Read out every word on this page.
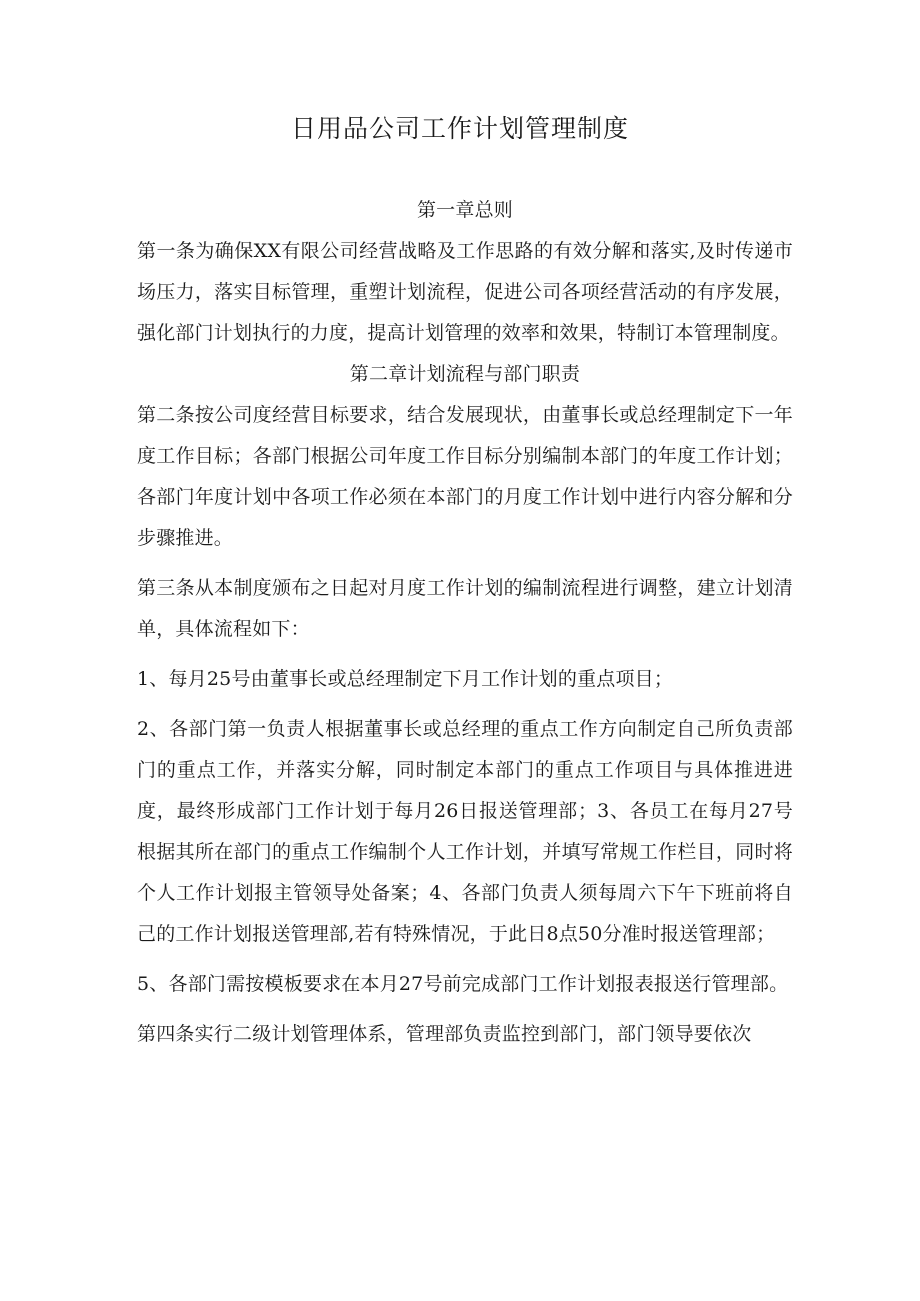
日用品公司工作计划管理制度

第一章总则

第一条为确保XX有限公司经营战略及工作思路的有效分解和落实,及时传递市场压力，落实目标管理，重塑计划流程，促进公司各项经营活动的有序发展，强化部门计划执行的力度，提高计划管理的效率和效果，特制订本管理制度。

第二章计划流程与部门职责

第二条按公司度经营目标要求，结合发展现状，由董事长或总经理制定下一年度工作目标；各部门根据公司年度工作目标分别编制本部门的年度工作计划；各部门年度计划中各项工作必须在本部门的月度工作计划中进行内容分解和分步骤推进。

第三条从本制度颁布之日起对月度工作计划的编制流程进行调整，建立计划清单，具体流程如下：

1、每月25号由董事长或总经理制定下月工作计划的重点项目；

2、各部门第一负责人根据董事长或总经理的重点工作方向制定自己所负责部门的重点工作，并落实分解，同时制定本部门的重点工作项目与具体推进进度，最终形成部门工作计划于每月26日报送管理部；3、各员工在每月27号根据其所在部门的重点工作编制个人工作计划，并填写常规工作栏目，同时将个人工作计划报主管领导处备案；4、各部门负责人须每周六下午下班前将自己的工作计划报送管理部,若有特殊情况，于此日8点50分准时报送管理部；

5、各部门需按模板要求在本月27号前完成部门工作计划报表报送行管理部。

第四条实行二级计划管理体系，管理部负责监控到部门，部门领导要依次
